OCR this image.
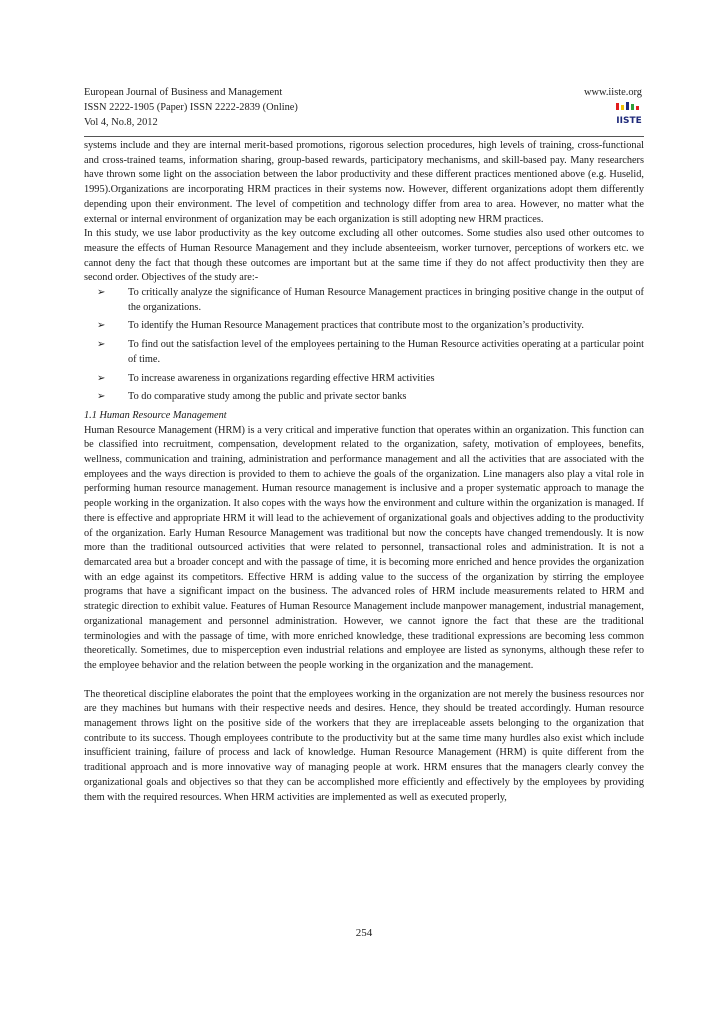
European Journal of Business and Management	www.iiste.org
ISSN 2222-1905 (Paper) ISSN 2222-2839 (Online)
Vol 4, No.8, 2012	IISTE

systems include and they are internal merit-based promotions, rigorous selection procedures, high levels of training, cross-functional and cross-trained teams, information sharing, group-based rewards, participatory mechanisms, and skill-based pay. Many researchers have thrown some light on the association between the labor productivity and these different practices mentioned above (e.g. Huselid, 1995).Organizations are incorporating HRM practices in their systems now. However, different organizations adopt them differently depending upon their environment. The level of competition and technology differ from area to area. However, no matter what the external or internal environment of organization may be each organization is still adopting new HRM practices.

In this study, we use labor productivity as the key outcome excluding all other outcomes. Some studies also used other outcomes to measure the effects of Human Resource Management and they include absenteeism, worker turnover, perceptions of workers etc. we cannot deny the fact that though these outcomes are important but at the same time if they do not affect productivity then they are second order. Objectives of the study are:-

➢ To critically analyze the significance of Human Resource Management practices in bringing positive change in the output of the organizations.
➢ To identify the Human Resource Management practices that contribute most to the organization’s productivity.
➢ To find out the satisfaction level of the employees pertaining to the Human Resource activities operating at a particular point of time.
➢ To increase awareness in organizations regarding effective HRM activities
➢ To do comparative study among the public and private sector banks

1.1 Human Resource Management

Human Resource Management (HRM) is a very critical and imperative function that operates within an organization. This function can be classified into recruitment, compensation, development related to the organization, safety, motivation of employees, benefits, wellness, communication and training, administration and performance management and all the activities that are associated with the employees and the ways direction is provided to them to achieve the goals of the organization. Line managers also play a vital role in performing human resource management. Human resource management is inclusive and a proper systematic approach to manage the people working in the organization. It also copes with the ways how the environment and culture within the organization is managed. If there is effective and appropriate HRM it will lead to the achievement of organizational goals and objectives adding to the productivity of the organization. Early Human Resource Management was traditional but now the concepts have changed tremendously. It is now more than the traditional outsourced activities that were related to personnel, transactional roles and administration. It is not a demarcated area but a broader concept and with the passage of time, it is becoming more enriched and hence provides the organization with an edge against its competitors. Effective HRM is adding value to the success of the organization by stirring the employee programs that have a significant impact on the business. The advanced roles of HRM include measurements related to HRM and strategic direction to exhibit value. Features of Human Resource Management include manpower management, industrial management, organizational management and personnel administration. However, we cannot ignore the fact that these are the traditional terminologies and with the passage of time, with more enriched knowledge, these traditional expressions are becoming less common theoretically. Sometimes, due to misperception even industrial relations and employee are listed as synonyms, although these refer to the employee behavior and the relation between the people working in the organization and the management.

The theoretical discipline elaborates the point that the employees working in the organization are not merely the business resources nor are they machines but humans with their respective needs and desires. Hence, they should be treated accordingly. Human resource management throws light on the positive side of the workers that they are irreplaceable assets belonging to the organization that contribute to its success. Though employees contribute to the productivity but at the same time many hurdles also exist which include insufficient training, failure of process and lack of knowledge. Human Resource Management (HRM) is quite different from the traditional approach and is more innovative way of managing people at work. HRM ensures that the managers clearly convey the organizational goals and objectives so that they can be accomplished more efficiently and effectively by the employees by providing them with the required resources. When HRM activities are implemented as well as executed properly,

254
